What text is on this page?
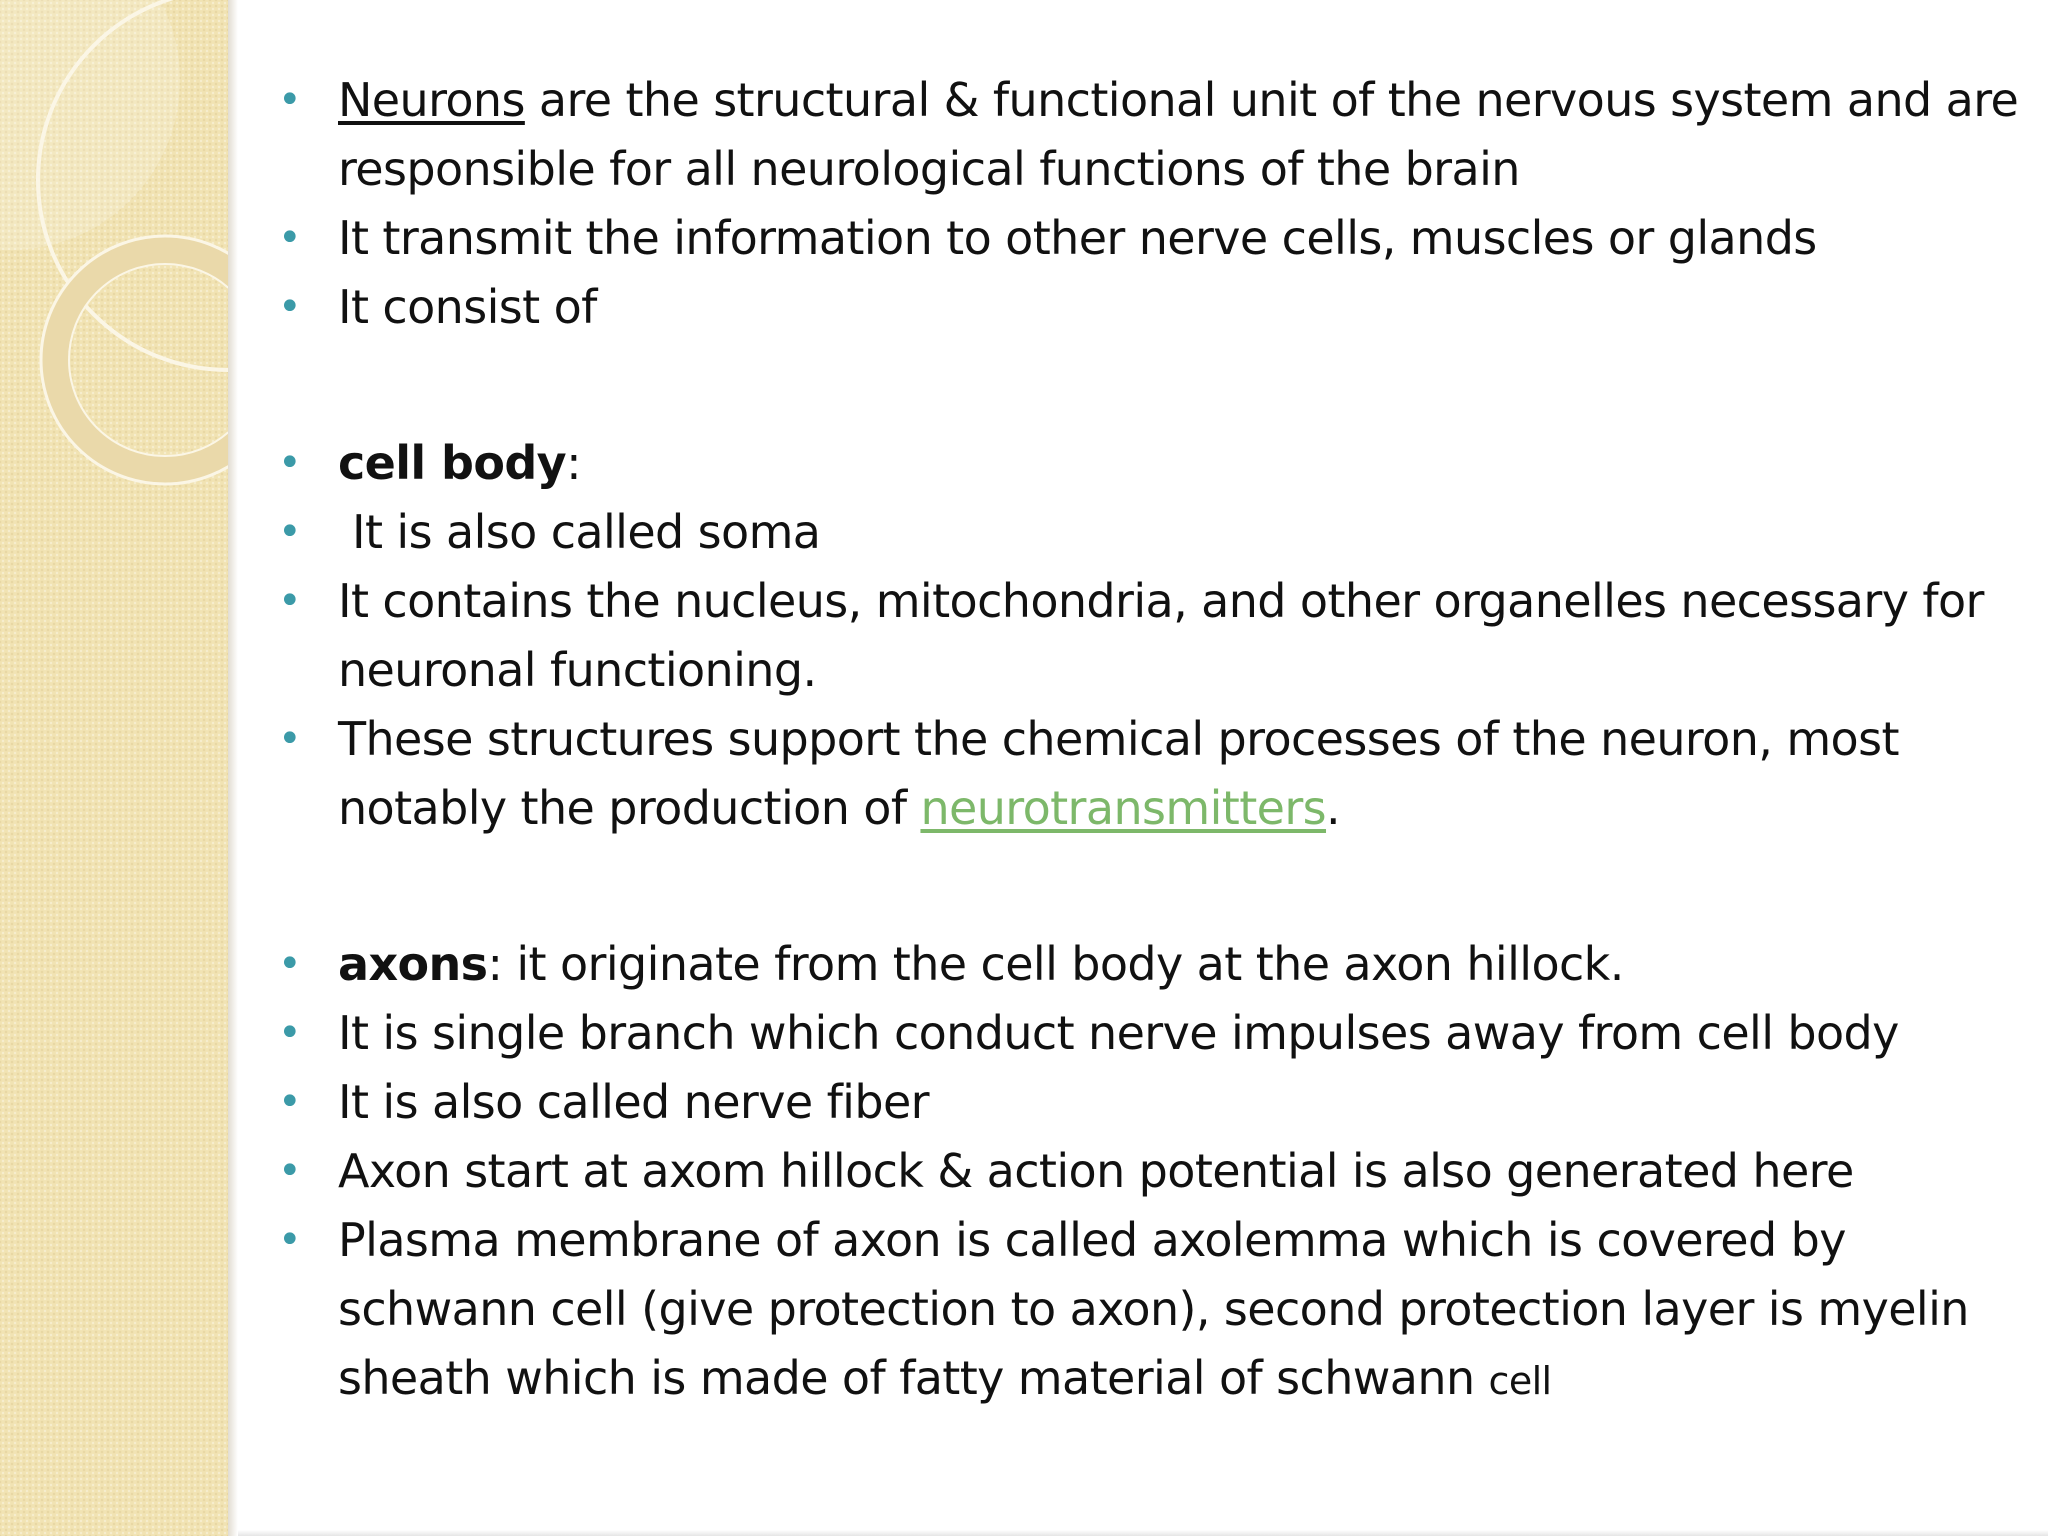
• Neurons are the structural & functional unit of the nervous system and are responsible for all neurological functions of the brain
• It transmit the information to other nerve cells, muscles or glands
• It consist of
• cell body:
• It is also called soma
• It contains the nucleus, mitochondria, and other organelles necessary for neuronal functioning.
• These structures support the chemical processes of the neuron, most notably the production of neurotransmitters.
• axons: it originate from the cell body at the axon hillock.
• It is single branch which conduct nerve impulses away from cell body
• It is also called nerve fiber
• Axon start at axom hillock & action potential is also generated here
• Plasma membrane of axon is called axolemma which is covered by schwann cell (give protection to axon), second protection layer is myelin sheath which is made of fatty material of schwann cell
